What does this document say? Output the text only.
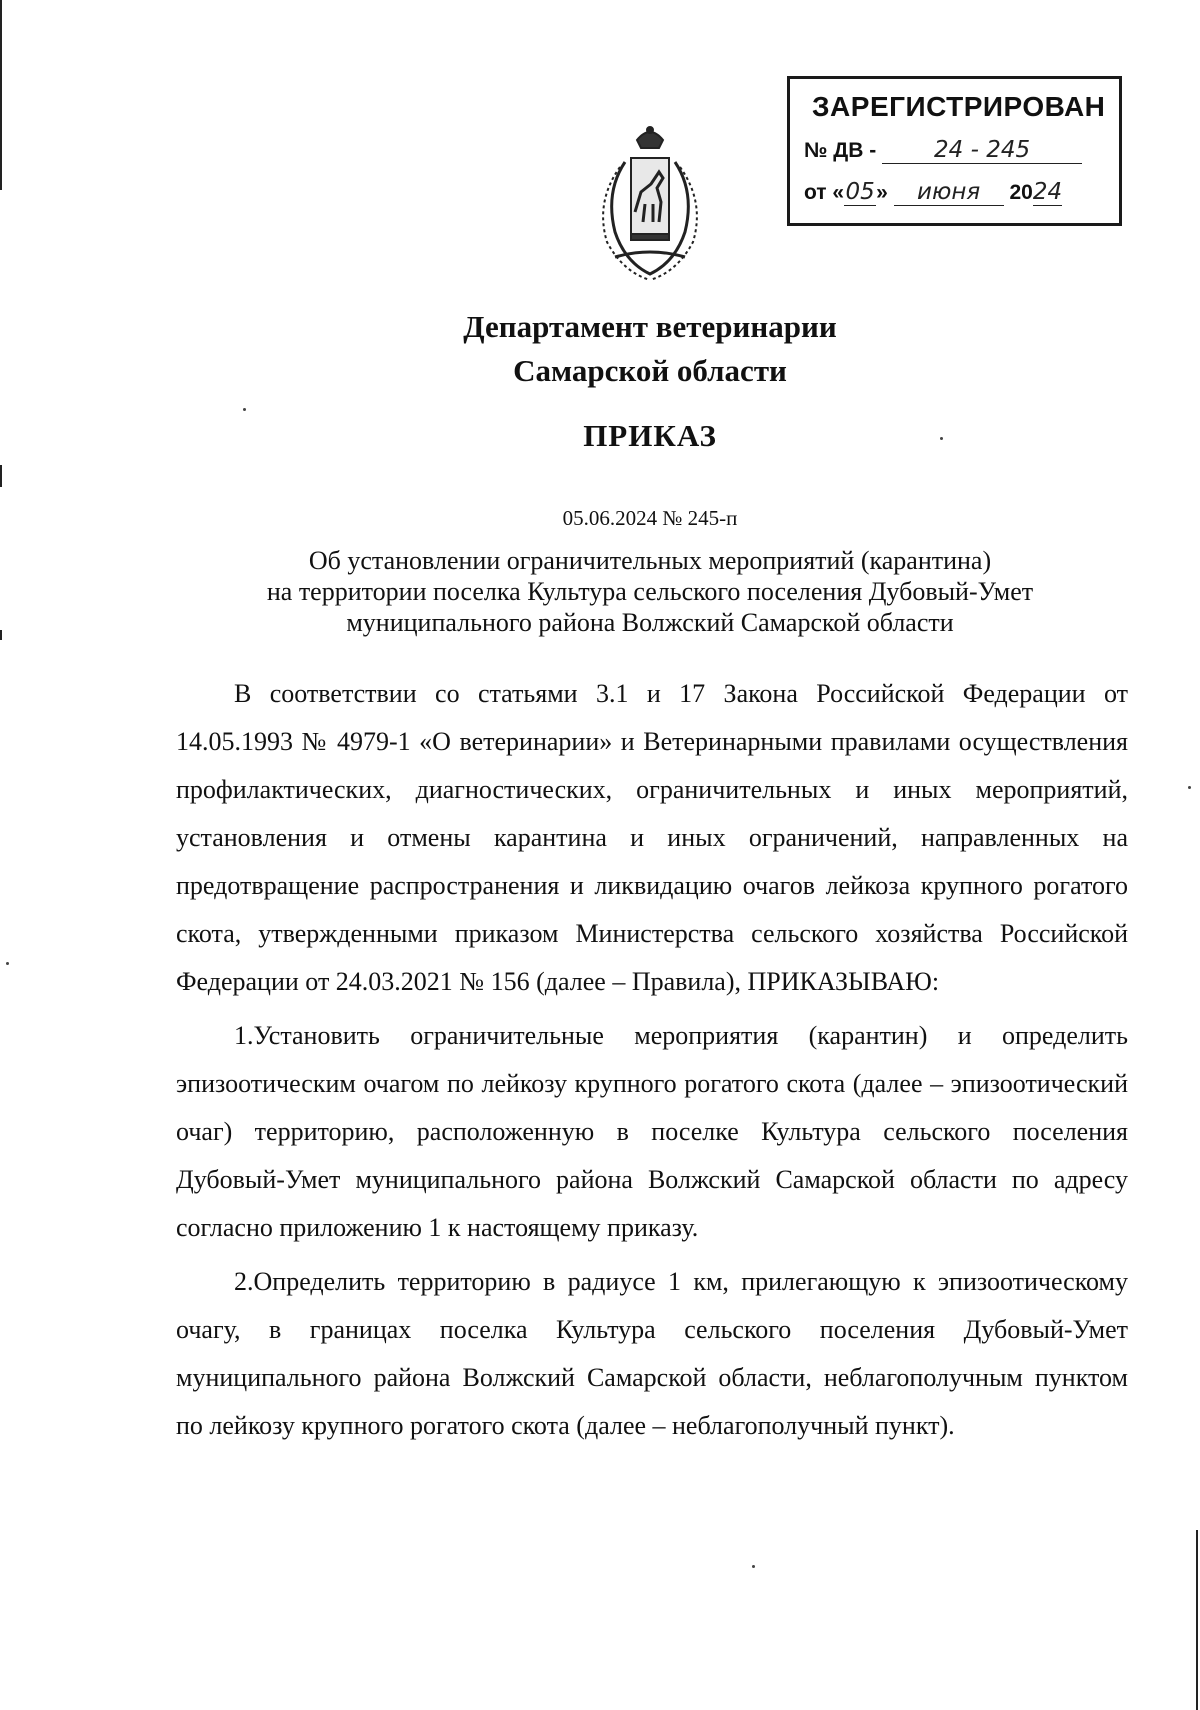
ЗАРЕГИСТРИРОВАН
№ ДВ -	24 - 245
от «05» июня 2024
Департамент ветеринарии
Самарской области
ПРИКАЗ
05.06.2024 № 245-п
Об установлении ограничительных мероприятий (карантина)
на территории поселка Культура сельского поселения Дубовый-Умет
муниципального района Волжский Самарской области

В соответствии со статьями 3.1 и 17 Закона Российской Федерации от 14.05.1993 № 4979-1 «О ветеринарии» и Ветеринарными правилами осуществления профилактических, диагностических, ограничительных и иных мероприятий, установления и отмены карантина и иных ограничений, направленных на предотвращение распространения и ликвидацию очагов лейкоза крупного рогатого скота, утвержденными приказом Министерства сельского хозяйства Российской Федерации от 24.03.2021 № 156 (далее – Правила), ПРИКАЗЫВАЮ:

1.Установить ограничительные мероприятия (карантин) и определить эпизоотическим очагом по лейкозу крупного рогатого скота (далее – эпизоотический очаг) территорию, расположенную в поселке Культура сельского поселения Дубовый-Умет муниципального района Волжский Самарской области по адресу согласно приложению 1 к настоящему приказу.

2.Определить территорию в радиусе 1 км, прилегающую к эпизоотическому очагу, в границах поселка Культура сельского поселения Дубовый-Умет муниципального района Волжский Самарской области, неблагополучным пунктом по лейкозу крупного рогатого скота (далее – неблагополучный пункт).
